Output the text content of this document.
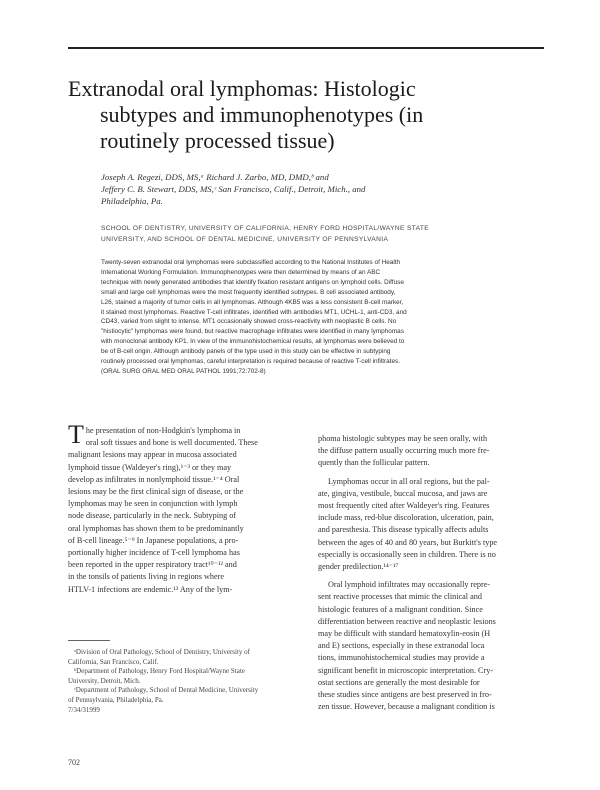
Extranodal oral lymphomas: Histologic
subtypes and immunophenotypes (in
routinely processed tissue)
Joseph A. Regezi, DDS, MS,ᵃ Richard J. Zarbo, MD, DMD,ᵇ and
Jeffery C. B. Stewart, DDS, MS,ᶜ San Francisco, Calif., Detroit, Mich., and
Philadelphia, Pa.
SCHOOL OF DENTISTRY, UNIVERSITY OF CALIFORNIA, HENRY FORD HOSPITAL/WAYNE STATE
UNIVERSITY, AND SCHOOL OF DENTAL MEDICINE, UNIVERSITY OF PENNSYLVANIA
Twenty-seven extranodal oral lymphomas were subclassified according to the National Institutes of Health
International Working Formulation. Immunophenotypes were then determined by means of an ABC
technique with newly generated antibodies that identify fixation resistant antigens on lymphoid cells. Diffuse
small and large cell lymphomas were the most frequently identified subtypes. B cell associated antibody,
L26, stained a majority of tumor cells in all lymphomas. Although 4KB5 was a less consistent B-cell marker,
it stained most lymphomas. Reactive T-cell infiltrates, identified with antibodies MT1, UCHL-1, anti-CD3, and
CD43, varied from slight to intense. MT1 occasionally showed cross-reactivity with neoplastic B cells. No
"histiocytic" lymphomas were found, but reactive macrophage infiltrates were identified in many lymphomas
with monoclonal antibody KP1. In view of the immunohistochemical results, all lymphomas were believed to
be of B-cell origin. Although antibody panels of the type used in this study can be effective in subtyping
routinely processed oral lymphomas, careful interpretation is required because of reactive T-cell infiltrates.
(ORAL SURG ORAL MED ORAL PATHOL 1991;72:702-8)
T he presentation of non-Hodgkin's lymphoma in
oral soft tissues and bone is well documented. These
malignant lesions may appear in mucosa associated
lymphoid tissue (Waldeyer's ring),¹⁻³ or they may
develop as infiltrates in nonlymphoid tissue.¹⁻⁴ Oral
lesions may be the first clinical sign of disease, or the
lymphomas may be seen in conjunction with lymph
node disease, particularly in the neck. Subtyping of
oral lymphomas has shown them to be predominantly
of B-cell lineage.⁵⁻⁹ In Japanese populations, a pro-
portionally higher incidence of T-cell lymphoma has
been reported in the upper respiratory tract¹⁰⁻¹² and
in the tonsils of patients living in regions where
HTLV-1 infections are endemic.¹³ Any of the lym-
ᵃDivision of Oral Pathology, School of Dentistry, University of
California, San Francisco, Calif.
ᵇDepartment of Pathology, Henry Ford Hospital/Wayne State
University, Detroit, Mich.
ᶜDepartment of Pathology, School of Dental Medicine, University
of Pennsylvania, Philadelphia, Pa.
7/34/31999
phoma histologic subtypes may be seen orally, with
the diffuse pattern usually occurring much more fre-
quently than the follicular pattern.
Lymphomas occur in all oral regions, but the pal-
ate, gingiva, vestibule, buccal mucosa, and jaws are
most frequently cited after Waldeyer's ring. Features
include mass, red-blue discoloration, ulceration, pain,
and paresthesia. This disease typically affects adults
between the ages of 40 and 80 years, but Burkitt's type
especially is occasionally seen in children. There is no
gender predilection.¹⁴⁻¹⁷
Oral lymphoid infiltrates may occasionally repre-
sent reactive processes that mimic the clinical and
histologic features of a malignant condition. Since
differentiation between reactive and neoplastic lesions
may be difficult with standard hematoxylin-eosin (H
and E) sections, especially in these extranodal loca
tions, immunohistochemical studies may provide a
significant benefit in microscopic interpretation. Cry-
ostat sections are generally the most desirable for
these studies since antigens are best preserved in fro-
zen tissue. However, because a malignant condition is
702
